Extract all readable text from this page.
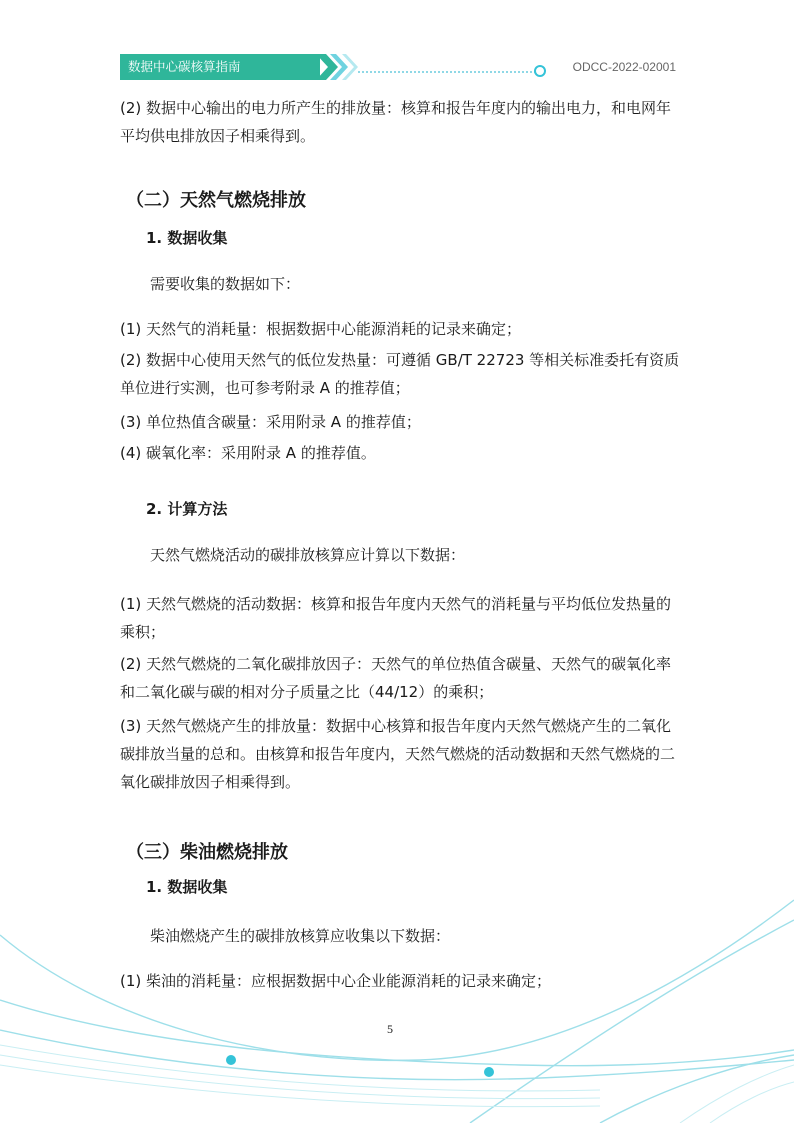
数据中心碳核算指南	ODCC-2022-02001

(2) 数据中心输出的电力所产生的排放量：核算和报告年度内的输出电力，和电网年平均供电排放因子相乘得到。

（二）天然气燃烧排放
1. 数据收集

需要收集的数据如下：

(1) 天然气的消耗量：根据数据中心能源消耗的记录来确定；

(2) 数据中心使用天然气的低位发热量：可遵循 GB/T 22723 等相关标准委托有资质单位进行实测，也可参考附录 A 的推荐值；

(3) 单位热值含碳量：采用附录 A 的推荐值；

(4) 碳氧化率：采用附录 A 的推荐值。

2. 计算方法

天然气燃烧活动的碳排放核算应计算以下数据：

(1) 天然气燃烧的活动数据：核算和报告年度内天然气的消耗量与平均低位发热量的乘积；

(2) 天然气燃烧的二氧化碳排放因子：天然气的单位热值含碳量、天然气的碳氧化率和二氧化碳与碳的相对分子质量之比（44/12）的乘积；

(3) 天然气燃烧产生的排放量：数据中心核算和报告年度内天然气燃烧产生的二氧化碳排放当量的总和。由核算和报告年度内，天然气燃烧的活动数据和天然气燃烧的二氧化碳排放因子相乘得到。

（三）柴油燃烧排放
1. 数据收集

柴油燃烧产生的碳排放核算应收集以下数据：

(1) 柴油的消耗量：应根据数据中心企业能源消耗的记录来确定；

5
